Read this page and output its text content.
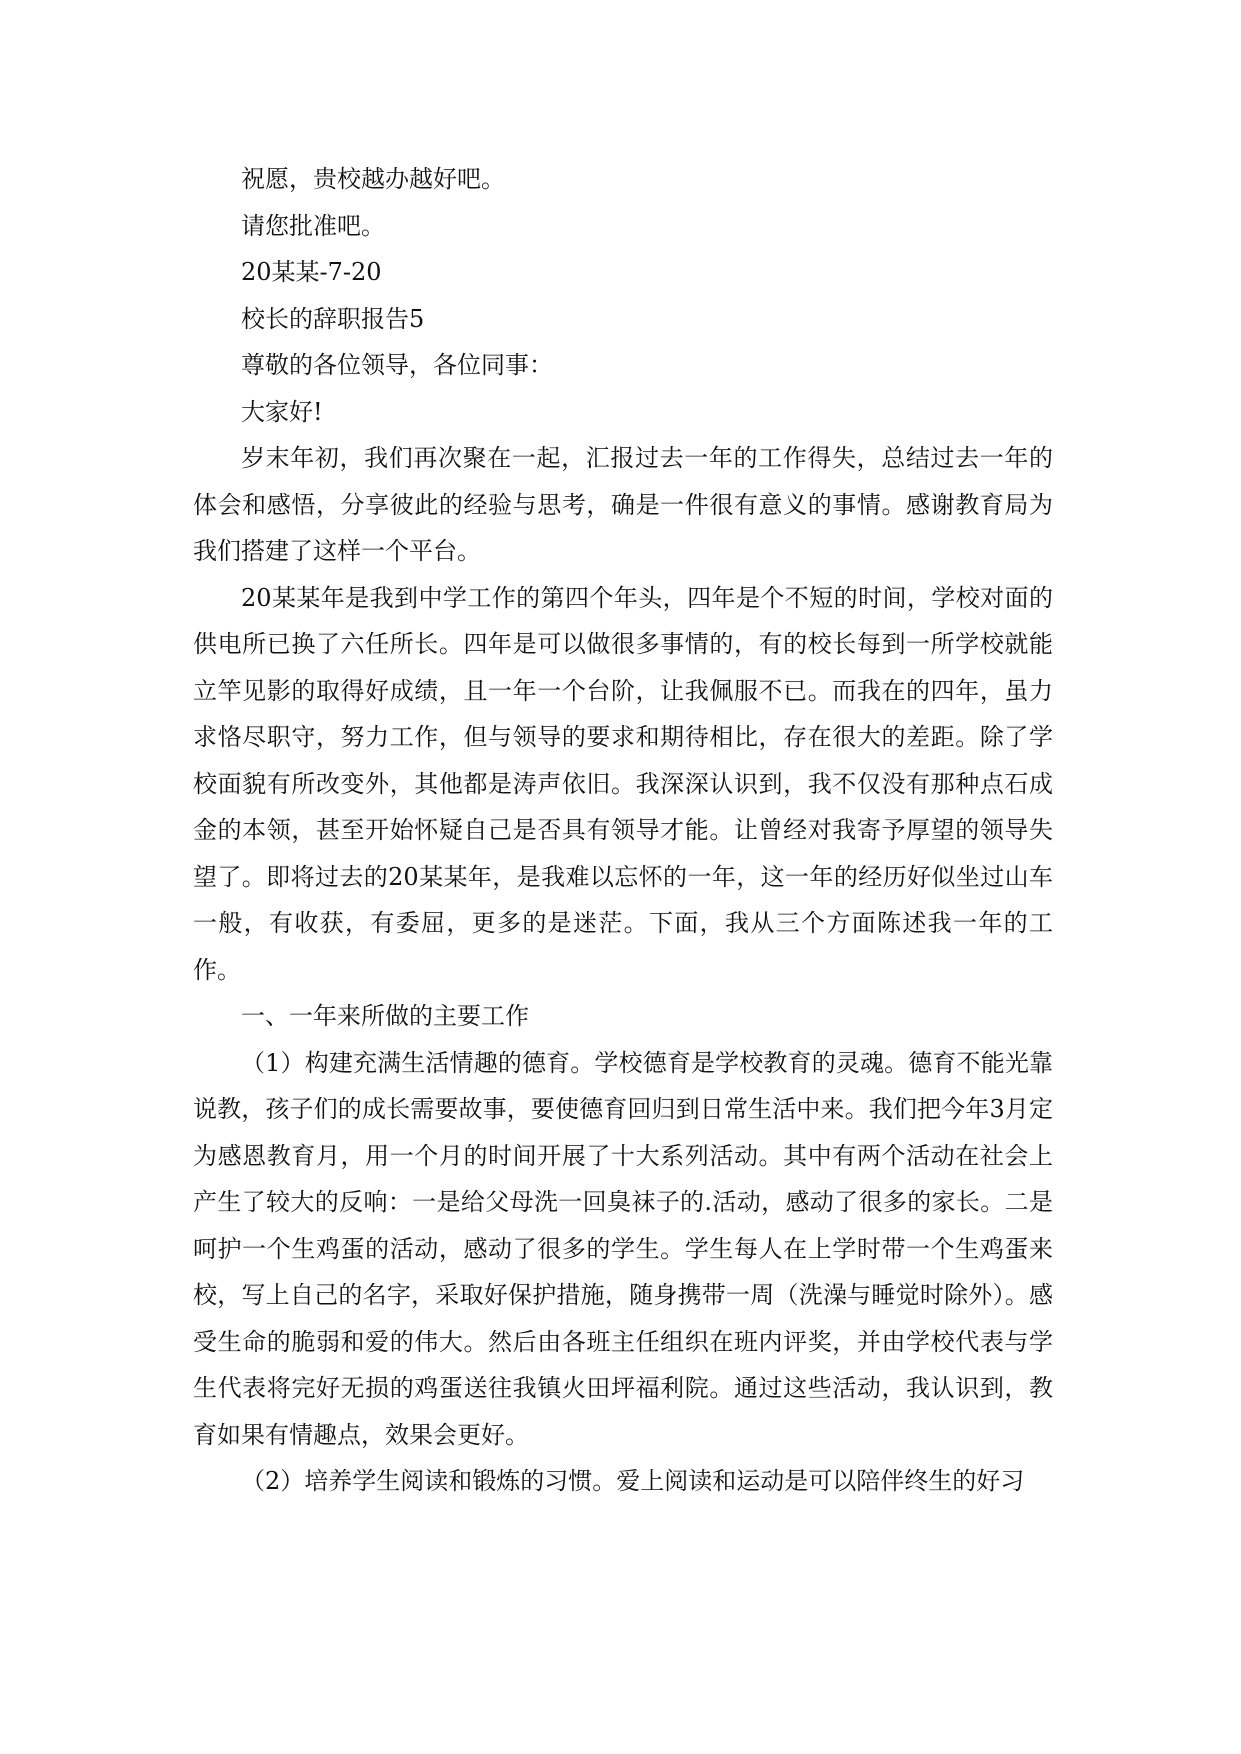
祝愿，贵校越办越好吧。

请您批准吧。

20某某-7-20

校长的辞职报告5

尊敬的各位领导，各位同事：

大家好!

岁末年初，我们再次聚在一起，汇报过去一年的工作得失，总结过去一年的体会和感悟，分享彼此的经验与思考，确是一件很有意义的事情。感谢教育局为我们搭建了这样一个平台。

20某某年是我到中学工作的第四个年头，四年是个不短的时间，学校对面的供电所已换了六任所长。四年是可以做很多事情的，有的校长每到一所学校就能立竿见影的取得好成绩，且一年一个台阶，让我佩服不已。而我在的四年，虽力求恪尽职守，努力工作，但与领导的要求和期待相比，存在很大的差距。除了学校面貌有所改变外，其他都是涛声依旧。我深深认识到，我不仅没有那种点石成金的本领，甚至开始怀疑自己是否具有领导才能。让曾经对我寄予厚望的领导失望了。即将过去的20某某年，是我难以忘怀的一年，这一年的经历好似坐过山车一般，有收获，有委屈，更多的是迷茫。下面，我从三个方面陈述我一年的工作。

一、一年来所做的主要工作

（1）构建充满生活情趣的德育。学校德育是学校教育的灵魂。德育不能光靠说教，孩子们的成长需要故事，要使德育回归到日常生活中来。我们把今年3月定为感恩教育月，用一个月的时间开展了十大系列活动。其中有两个活动在社会上产生了较大的反响：一是给父母洗一回臭袜子的.活动，感动了很多的家长。二是呵护一个生鸡蛋的活动，感动了很多的学生。学生每人在上学时带一个生鸡蛋来校，写上自己的名字，采取好保护措施，随身携带一周（洗澡与睡觉时除外）。感受生命的脆弱和爱的伟大。然后由各班主任组织在班内评奖，并由学校代表与学生代表将完好无损的鸡蛋送往我镇火田坪福利院。通过这些活动，我认识到，教育如果有情趣点，效果会更好。

（2）培养学生阅读和锻炼的习惯。爱上阅读和运动是可以陪伴终生的好习
